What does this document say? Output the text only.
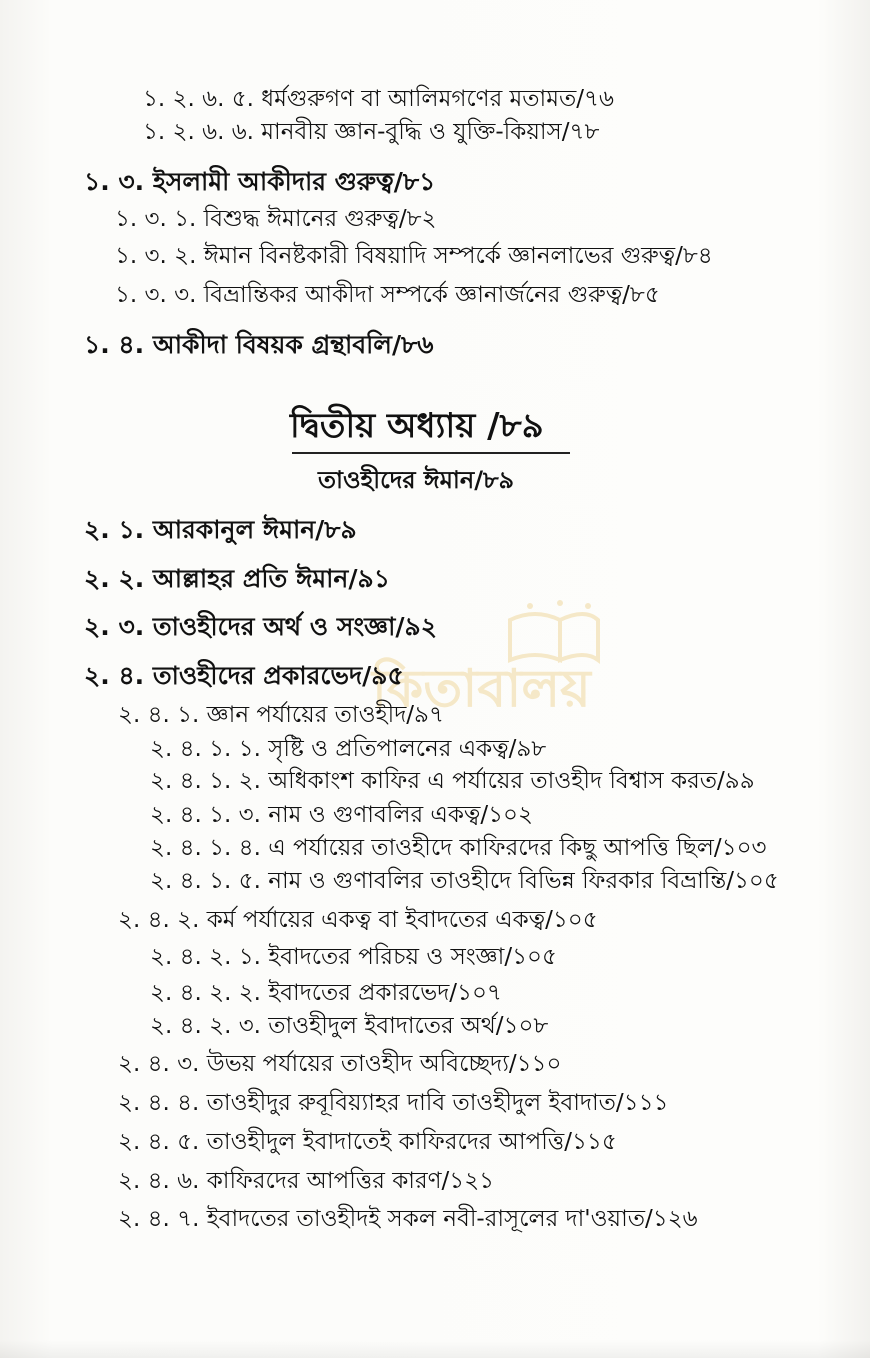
১. ২. ৬. ৫. ধর্মগুরুগণ বা আলিমগণের মতামত/৭৬
১. ২. ৬. ৬. মানবীয় জ্ঞান-বুদ্ধি ও যুক্তি-কিয়াস/৭৮
১. ৩. ইসলামী আকীদার গুরুত্ব/৮১
১. ৩. ১. বিশুদ্ধ ঈমানের গুরুত্ব/৮২
১. ৩. ২. ঈমান বিনষ্টকারী বিষয়াদি সম্পর্কে জ্ঞানলাভের গুরুত্ব/৮৪
১. ৩. ৩. বিভ্রান্তিকর আকীদা সম্পর্কে জ্ঞানার্জনের গুরুত্ব/৮৫
১. ৪. আকীদা বিষয়ক গ্রন্থাবলি/৮৬
দ্বিতীয় অধ্যায় /৮৯
তাওহীদের ঈমান/৮৯
কিতাবালয়
২. ১. আরকানুল ঈমান/৮৯
২. ২. আল্লাহর প্রতি ঈমান/৯১
২. ৩. তাওহীদের অর্থ ও সংজ্ঞা/৯২
২. ৪. তাওহীদের প্রকারভেদ/৯৫
২. ৪. ১. জ্ঞান পর্যায়ের তাওহীদ/৯৭
২. ৪. ১. ১. সৃষ্টি ও প্রতিপালনের একত্ব/৯৮
২. ৪. ১. ২. অধিকাংশ কাফির এ পর্যায়ের তাওহীদ বিশ্বাস করত/৯৯
২. ৪. ১. ৩. নাম ও গুণাবলির একত্ব/১০২
২. ৪. ১. ৪. এ পর্যায়ের তাওহীদে কাফিরদের কিছু আপত্তি ছিল/১০৩
২. ৪. ১. ৫. নাম ও গুণাবলির তাওহীদে বিভিন্ন ফিরকার বিভ্রান্তি/১০৫
২. ৪. ২. কর্ম পর্যায়ের একত্ব বা ইবাদতের একত্ব/১০৫
২. ৪. ২. ১. ইবাদতের পরিচয় ও সংজ্ঞা/১০৫
২. ৪. ২. ২. ইবাদতের প্রকারভেদ/১০৭
২. ৪. ২. ৩. তাওহীদুল ইবাদাতের অর্থ/১০৮
২. ৪. ৩. উভয় পর্যায়ের তাওহীদ অবিচ্ছেদ্য/১১০
২. ৪. ৪. তাওহীদুর রুবূবিয়্যাহর দাবি তাওহীদুল ইবাদাত/১১১
২. ৪. ৫. তাওহীদুল ইবাদাতেই কাফিরদের আপত্তি/১১৫
২. ৪. ৬. কাফিরদের আপত্তির কারণ/১২১
২. ৪. ৭. ইবাদতের তাওহীদই সকল নবী-রাসূলের দা'ওয়াত/১২৬
